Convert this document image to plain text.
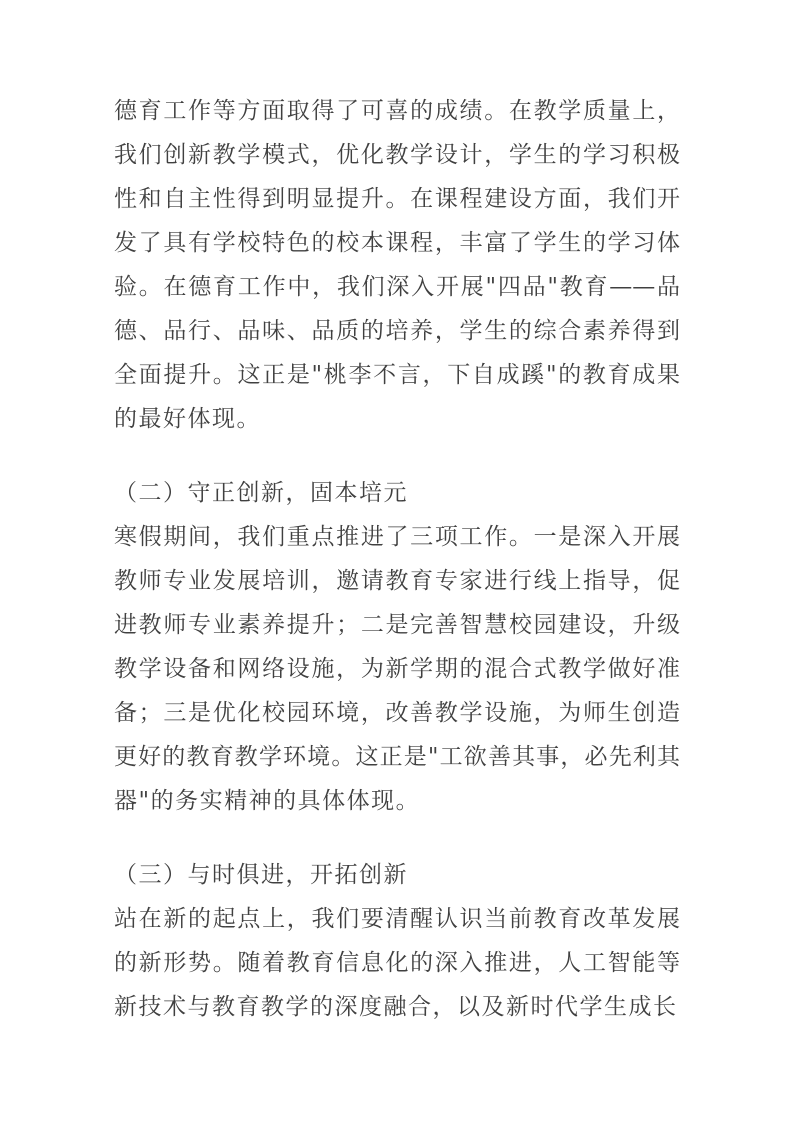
德育工作等方面取得了可喜的成绩。在教学质量上，
我们创新教学模式，优化教学设计，学生的学习积极
性和自主性得到明显提升。在课程建设方面，我们开
发了具有学校特色的校本课程，丰富了学生的学习体
验。在德育工作中，我们深入开展"四品"教育——品
德、品行、品味、品质的培养，学生的综合素养得到
全面提升。这正是"桃李不言，下自成蹊"的教育成果
的最好体现。
（二）守正创新，固本培元
寒假期间，我们重点推进了三项工作。一是深入开展
教师专业发展培训，邀请教育专家进行线上指导，促
进教师专业素养提升；二是完善智慧校园建设，升级
教学设备和网络设施，为新学期的混合式教学做好准
备；三是优化校园环境，改善教学设施，为师生创造
更好的教育教学环境。这正是"工欲善其事，必先利其
器"的务实精神的具体体现。
（三）与时俱进，开拓创新
站在新的起点上，我们要清醒认识当前教育改革发展
的新形势。随着教育信息化的深入推进，人工智能等
新技术与教育教学的深度融合，以及新时代学生成长
